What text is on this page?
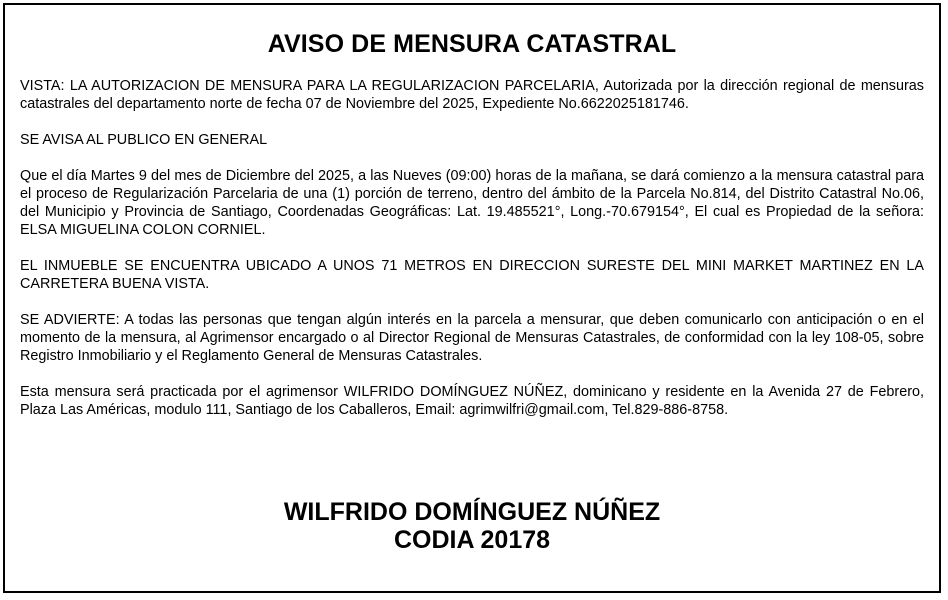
AVISO DE MENSURA CATASTRAL

VISTA: LA AUTORIZACION DE MENSURA PARA LA REGULARIZACION PARCELARIA, Autorizada por la dirección regional de mensuras catastrales del departamento norte de fecha 07 de Noviembre del 2025, Expediente No.6622025181746.

SE AVISA AL PUBLICO EN GENERAL

Que el día Martes 9 del mes de Diciembre del 2025, a las Nueves (09:00) horas de la mañana, se dará comienzo a la mensura catastral para el proceso de Regularización Parcelaria de una (1) porción de terreno, dentro del ámbito de la Parcela No.814, del Distrito Catastral No.06, del Municipio y Provincia de Santiago, Coordenadas Geográficas: Lat. 19.485521°, Long.-70.679154°, El cual es Propiedad de la señora: ELSA MIGUELINA COLON CORNIEL.

EL INMUEBLE SE ENCUENTRA UBICADO A UNOS 71 METROS EN DIRECCION SURESTE DEL MINI MARKET MARTINEZ EN LA CARRETERA BUENA VISTA.

SE ADVIERTE: A todas las personas que tengan algún interés en la parcela a mensurar, que deben comunicarlo con anticipación o en el momento de la mensura, al Agrimensor encargado o al Director Regional de Mensuras Catastrales, de conformidad con la ley 108-05, sobre Registro Inmobiliario y el Reglamento General de Mensuras Catastrales.

Esta mensura será practicada por el agrimensor WILFRIDO DOMÍNGUEZ NÚÑEZ, dominicano y residente en la Avenida 27 de Febrero, Plaza Las Américas, modulo 111, Santiago de los Caballeros, Email: agrimwilfri@gmail.com, Tel.829-886-8758.

WILFRIDO DOMÍNGUEZ NÚÑEZ
CODIA 20178
